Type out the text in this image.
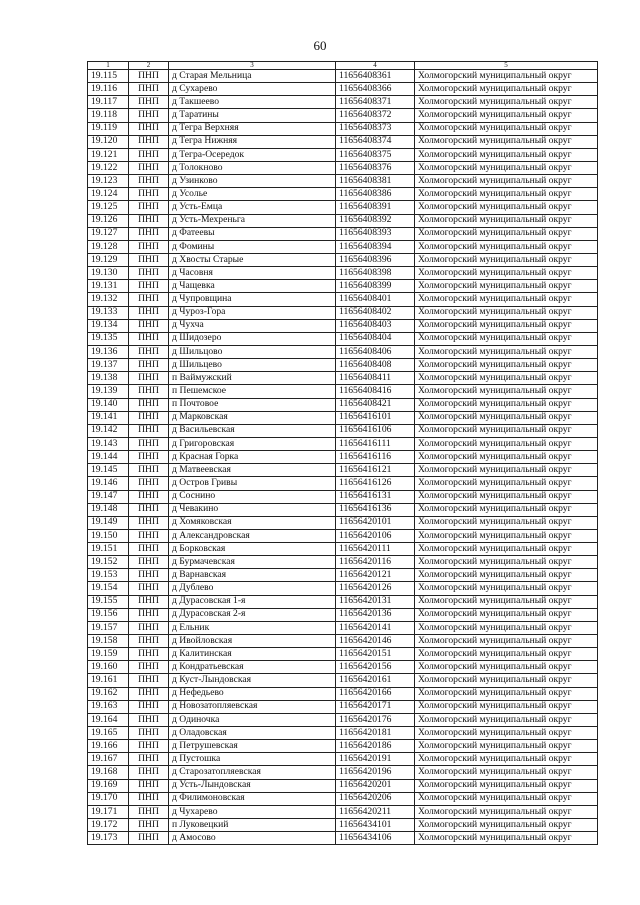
60
1	2	3	4	5
19.115	ПНП	д Старая Мельница	11656408361	Холмогорский муниципальный округ
19.116	ПНП	д Сухарево	11656408366	Холмогорский муниципальный округ
19.117	ПНП	д Такшеево	11656408371	Холмогорский муниципальный округ
19.118	ПНП	д Таратины	11656408372	Холмогорский муниципальный округ
19.119	ПНП	д Тегра Верхняя	11656408373	Холмогорский муниципальный округ
19.120	ПНП	д Тегра Нижняя	11656408374	Холмогорский муниципальный округ
19.121	ПНП	д Тегра-Осередок	11656408375	Холмогорский муниципальный округ
19.122	ПНП	д Толокново	11656408376	Холмогорский муниципальный округ
19.123	ПНП	д Узинково	11656408381	Холмогорский муниципальный округ
19.124	ПНП	д Усолье	11656408386	Холмогорский муниципальный округ
19.125	ПНП	д Усть-Емца	11656408391	Холмогорский муниципальный округ
19.126	ПНП	д Усть-Мехреньга	11656408392	Холмогорский муниципальный округ
19.127	ПНП	д Фатеевы	11656408393	Холмогорский муниципальный округ
19.128	ПНП	д Фомины	11656408394	Холмогорский муниципальный округ
19.129	ПНП	д Хвосты Старые	11656408396	Холмогорский муниципальный округ
19.130	ПНП	д Часовня	11656408398	Холмогорский муниципальный округ
19.131	ПНП	д Чащевка	11656408399	Холмогорский муниципальный округ
19.132	ПНП	д Чупровщина	11656408401	Холмогорский муниципальный округ
19.133	ПНП	д Чуроз-Гора	11656408402	Холмогорский муниципальный округ
19.134	ПНП	д Чухча	11656408403	Холмогорский муниципальный округ
19.135	ПНП	д Шидозеро	11656408404	Холмогорский муниципальный округ
19.136	ПНП	д Шильцово	11656408406	Холмогорский муниципальный округ
19.137	ПНП	д Шильцево	11656408408	Холмогорский муниципальный округ
19.138	ПНП	п Ваймужский	11656408411	Холмогорский муниципальный округ
19.139	ПНП	п Пешемское	11656408416	Холмогорский муниципальный округ
19.140	ПНП	п Почтовое	11656408421	Холмогорский муниципальный округ
19.141	ПНП	д Марковская	11656416101	Холмогорский муниципальный округ
19.142	ПНП	д Васильевская	11656416106	Холмогорский муниципальный округ
19.143	ПНП	д Григоровская	11656416111	Холмогорский муниципальный округ
19.144	ПНП	д Красная Горка	11656416116	Холмогорский муниципальный округ
19.145	ПНП	д Матвеевская	11656416121	Холмогорский муниципальный округ
19.146	ПНП	д Остров Гривы	11656416126	Холмогорский муниципальный округ
19.147	ПНП	д Соснино	11656416131	Холмогорский муниципальный округ
19.148	ПНП	д Чевакино	11656416136	Холмогорский муниципальный округ
19.149	ПНП	д Хомяковская	11656420101	Холмогорский муниципальный округ
19.150	ПНП	д Александровская	11656420106	Холмогорский муниципальный округ
19.151	ПНП	д Борковская	11656420111	Холмогорский муниципальный округ
19.152	ПНП	д Бурмачевская	11656420116	Холмогорский муниципальный округ
19.153	ПНП	д Варнавская	11656420121	Холмогорский муниципальный округ
19.154	ПНП	д Дублево	11656420126	Холмогорский муниципальный округ
19.155	ПНП	д Дурасовская 1-я	11656420131	Холмогорский муниципальный округ
19.156	ПНП	д Дурасовская 2-я	11656420136	Холмогорский муниципальный округ
19.157	ПНП	д Ельник	11656420141	Холмогорский муниципальный округ
19.158	ПНП	д Ивойловская	11656420146	Холмогорский муниципальный округ
19.159	ПНП	д Калитинская	11656420151	Холмогорский муниципальный округ
19.160	ПНП	д Кондратьевская	11656420156	Холмогорский муниципальный округ
19.161	ПНП	д Куст-Лындовская	11656420161	Холмогорский муниципальный округ
19.162	ПНП	д Нефедьево	11656420166	Холмогорский муниципальный округ
19.163	ПНП	д Новозатопляевская	11656420171	Холмогорский муниципальный округ
19.164	ПНП	д Одиночка	11656420176	Холмогорский муниципальный округ
19.165	ПНП	д Оладовская	11656420181	Холмогорский муниципальный округ
19.166	ПНП	д Петрушевская	11656420186	Холмогорский муниципальный округ
19.167	ПНП	д Пустошка	11656420191	Холмогорский муниципальный округ
19.168	ПНП	д Старозатопляевская	11656420196	Холмогорский муниципальный округ
19.169	ПНП	д Усть-Лындовская	11656420201	Холмогорский муниципальный округ
19.170	ПНП	д Филимоновская	11656420206	Холмогорский муниципальный округ
19.171	ПНП	д Чухарево	11656420211	Холмогорский муниципальный округ
19.172	ПНП	п Луковецкий	11656434101	Холмогорский муниципальный округ
19.173	ПНП	д Амосово	11656434106	Холмогорский муниципальный округ
